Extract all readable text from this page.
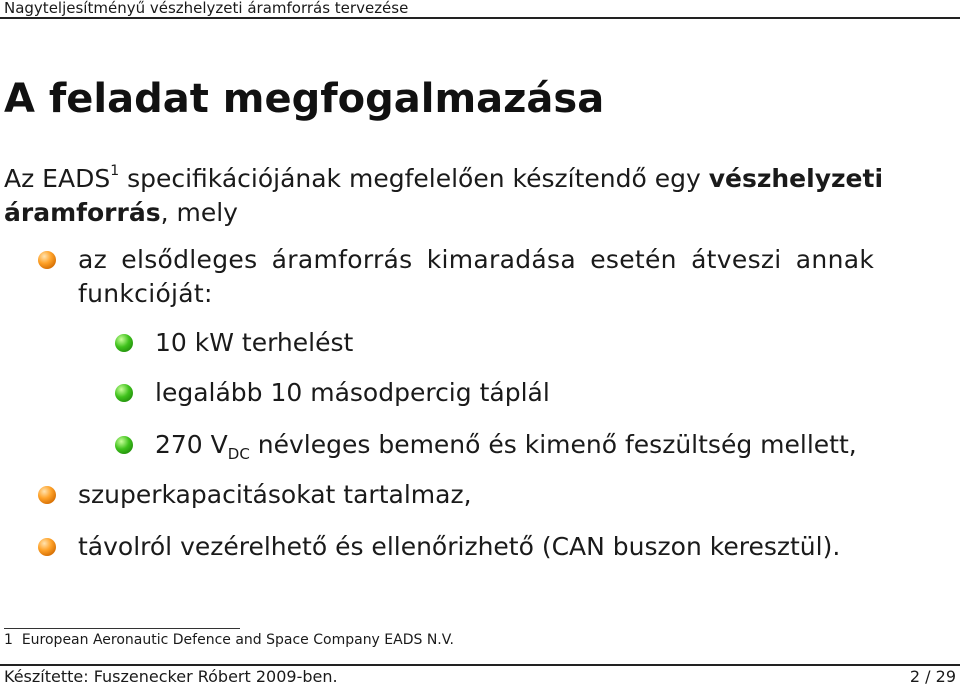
Nagyteljesítményű vészhelyzeti áramforrás tervezése
A feladat megfogalmazása
Az EADS$^1$ specifikációjának megfelelően készítendő egy vészhelyzeti áramforrás, mely
az elsődleges áramforrás kimaradása esetén átveszi annak funkcióját:
10 kW terhelést
legalább 10 másodpercig táplál
270 $V_{DC}$ névleges bemenő és kimenő feszültség mellett,
szuperkapacitásokat tartalmaz,
távolról vezérelhető és ellenőrizhető (CAN buszon keresztül).
1 European Aeronautic Defence and Space Company EADS N.V.
Készítette: Fuszenecker Róbert 2009-ben.	2 / 29
